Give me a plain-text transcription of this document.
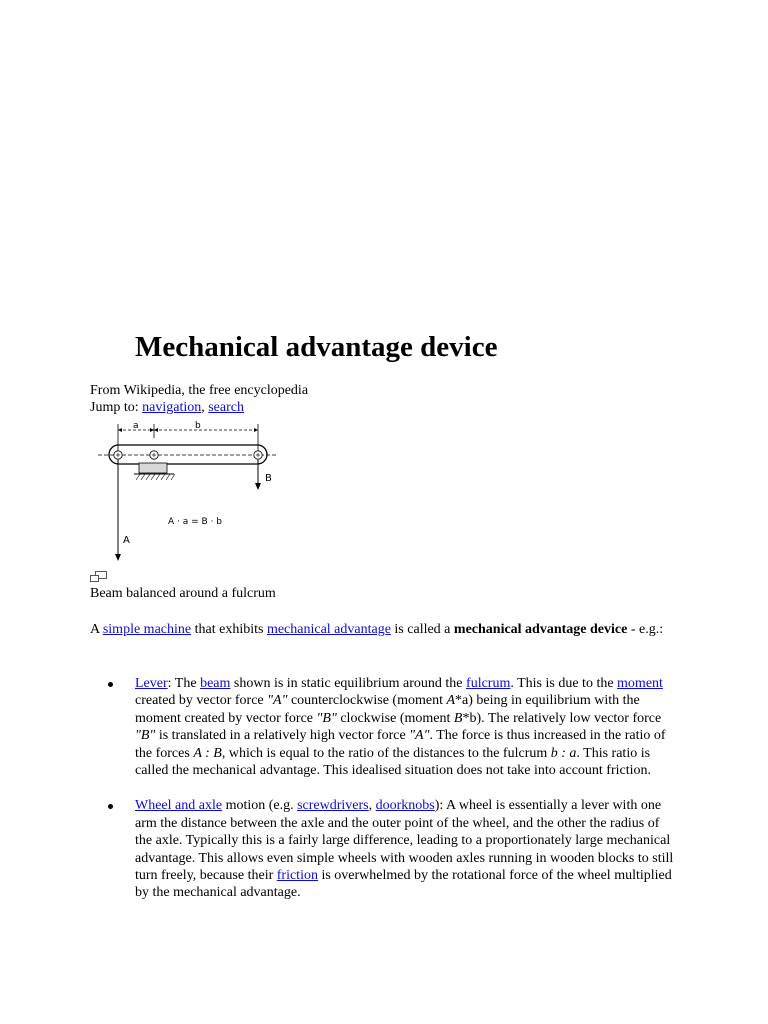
Mechanical advantage device
From Wikipedia, the free encyclopedia
Jump to: navigation, search
a	b
B
A
A · a = B · b
Beam balanced around a fulcrum
A simple machine that exhibits mechanical advantage is called a mechanical advantage device - e.g.:
Lever: The beam shown is in static equilibrium around the fulcrum. This is due to the moment created by vector force "A" counterclockwise (moment A*a) being in equilibrium with the moment created by vector force "B" clockwise (moment B*b). The relatively low vector force "B" is translated in a relatively high vector force "A". The force is thus increased in the ratio of the forces A : B, which is equal to the ratio of the distances to the fulcrum b : a. This ratio is called the mechanical advantage. This idealised situation does not take into account friction.
Wheel and axle motion (e.g. screwdrivers, doorknobs): A wheel is essentially a lever with one arm the distance between the axle and the outer point of the wheel, and the other the radius of the axle. Typically this is a fairly large difference, leading to a proportionately large mechanical advantage. This allows even simple wheels with wooden axles running in wooden blocks to still turn freely, because their friction is overwhelmed by the rotational force of the wheel multiplied by the mechanical advantage.
